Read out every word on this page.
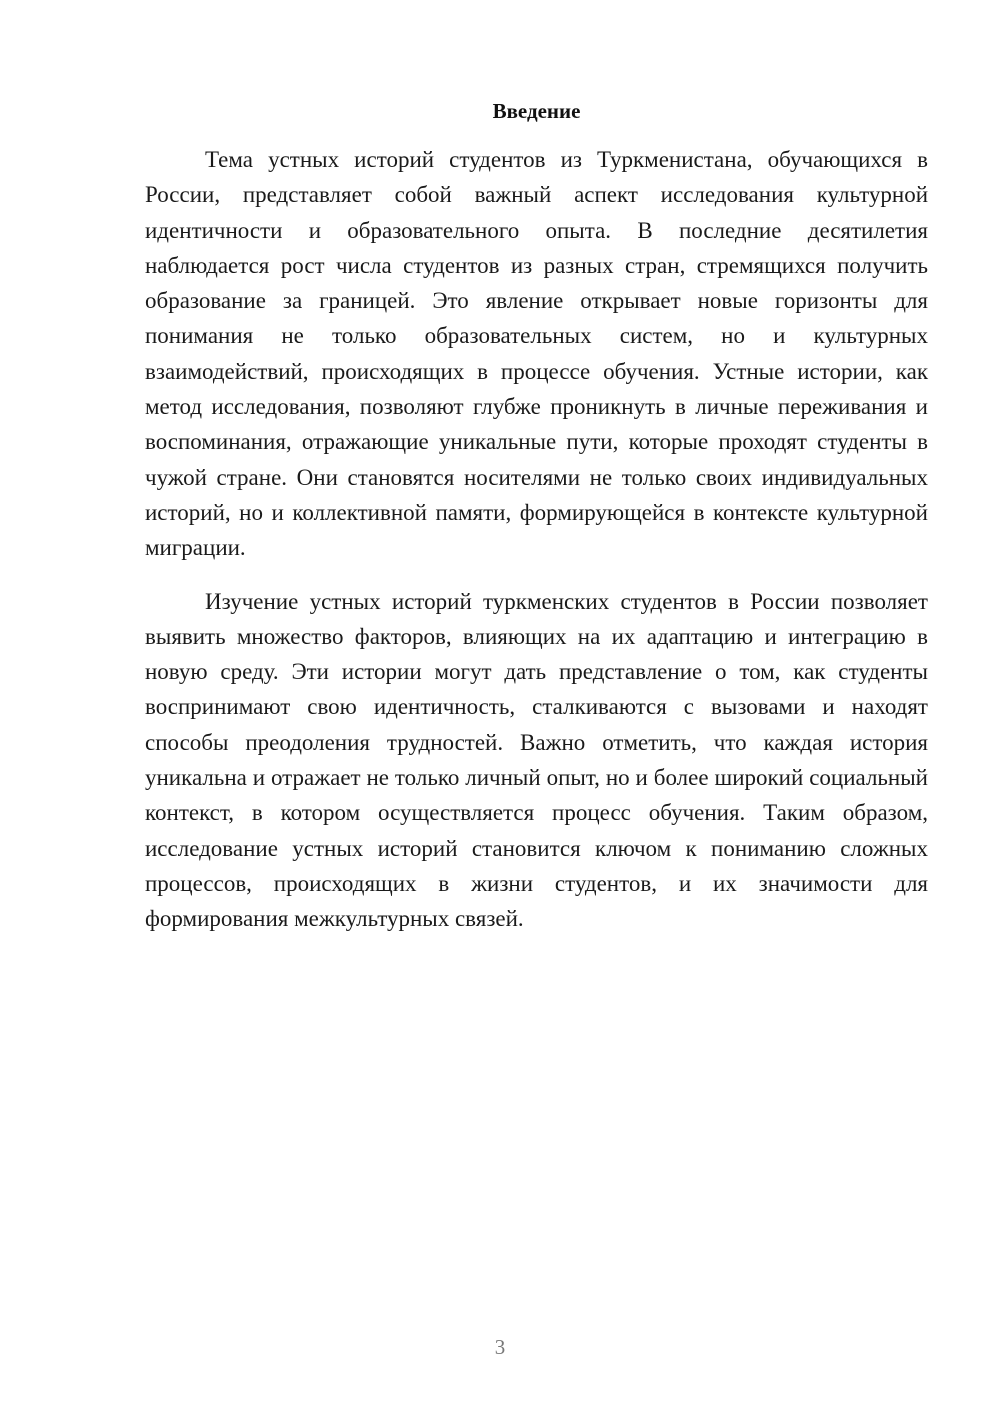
Введение

Тема устных историй студентов из Туркменистана, обучающихся в России, представляет собой важный аспект исследования культурной идентичности и образовательного опыта. В последние десятилетия наблюдается рост числа студентов из разных стран, стремящихся получить образование за границей. Это явление открывает новые горизонты для понимания не только образовательных систем, но и культурных взаимодействий, происходящих в процессе обучения. Устные истории, как метод исследования, позволяют глубже проникнуть в личные переживания и воспоминания, отражающие уникальные пути, которые проходят студенты в чужой стране. Они становятся носителями не только своих индивидуальных историй, но и коллективной памяти, формирующейся в контексте культурной миграции.

Изучение устных историй туркменских студентов в России позволяет выявить множество факторов, влияющих на их адаптацию и интеграцию в новую среду. Эти истории могут дать представление о том, как студенты воспринимают свою идентичность, сталкиваются с вызовами и находят способы преодоления трудностей. Важно отметить, что каждая история уникальна и отражает не только личный опыт, но и более широкий социальный контекст, в котором осуществляется процесс обучения. Таким образом, исследование устных историй становится ключом к пониманию сложных процессов, происходящих в жизни студентов, и их значимости для формирования межкультурных связей.

3
